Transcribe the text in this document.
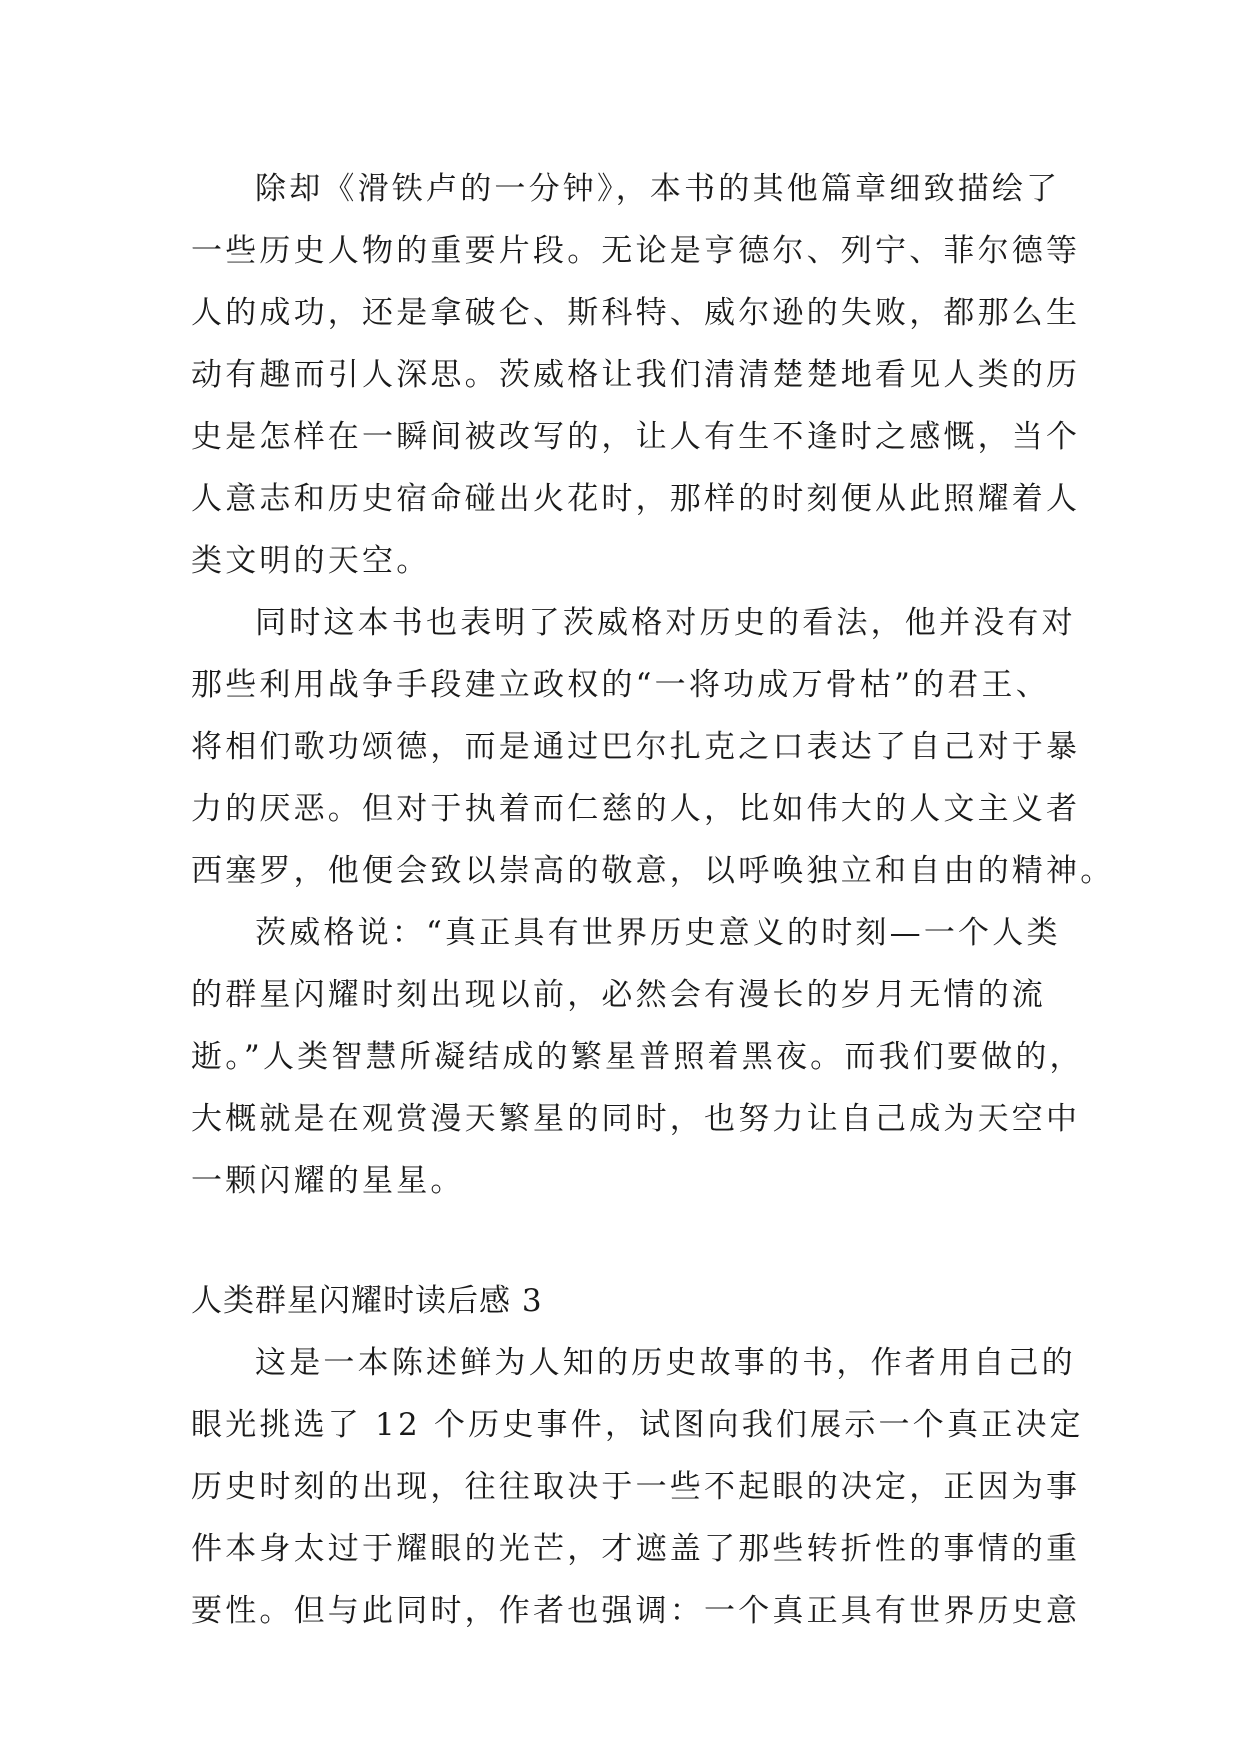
除却《滑铁卢的一分钟》，本书的其他篇章细致描绘了
一些历史人物的重要片段。无论是亨德尔、列宁、菲尔德等
人的成功，还是拿破仑、斯科特、威尔逊的失败，都那么生
动有趣而引人深思。茨威格让我们清清楚楚地看见人类的历
史是怎样在一瞬间被改写的，让人有生不逢时之感慨，当个
人意志和历史宿命碰出火花时，那样的时刻便从此照耀着人
类文明的天空。
同时这本书也表明了茨威格对历史的看法，他并没有对
那些利用战争手段建立政权的“一将功成万骨枯”的君王、
将相们歌功颂德，而是通过巴尔扎克之口表达了自己对于暴
力的厌恶。但对于执着而仁慈的人，比如伟大的人文主义者
西塞罗，他便会致以崇高的敬意，以呼唤独立和自由的精神。
茨威格说：“真正具有世界历史意义的时刻—一个人类
的群星闪耀时刻出现以前，必然会有漫长的岁月无情的流
逝。”人类智慧所凝结成的繁星普照着黑夜。而我们要做的，
大概就是在观赏漫天繁星的同时，也努力让自己成为天空中
一颗闪耀的星星。
人类群星闪耀时读后感 3
这是一本陈述鲜为人知的历史故事的书，作者用自己的
眼光挑选了 12 个历史事件，试图向我们展示一个真正决定
历史时刻的出现，往往取决于一些不起眼的决定，正因为事
件本身太过于耀眼的光芒，才遮盖了那些转折性的事情的重
要性。但与此同时，作者也强调：一个真正具有世界历史意
